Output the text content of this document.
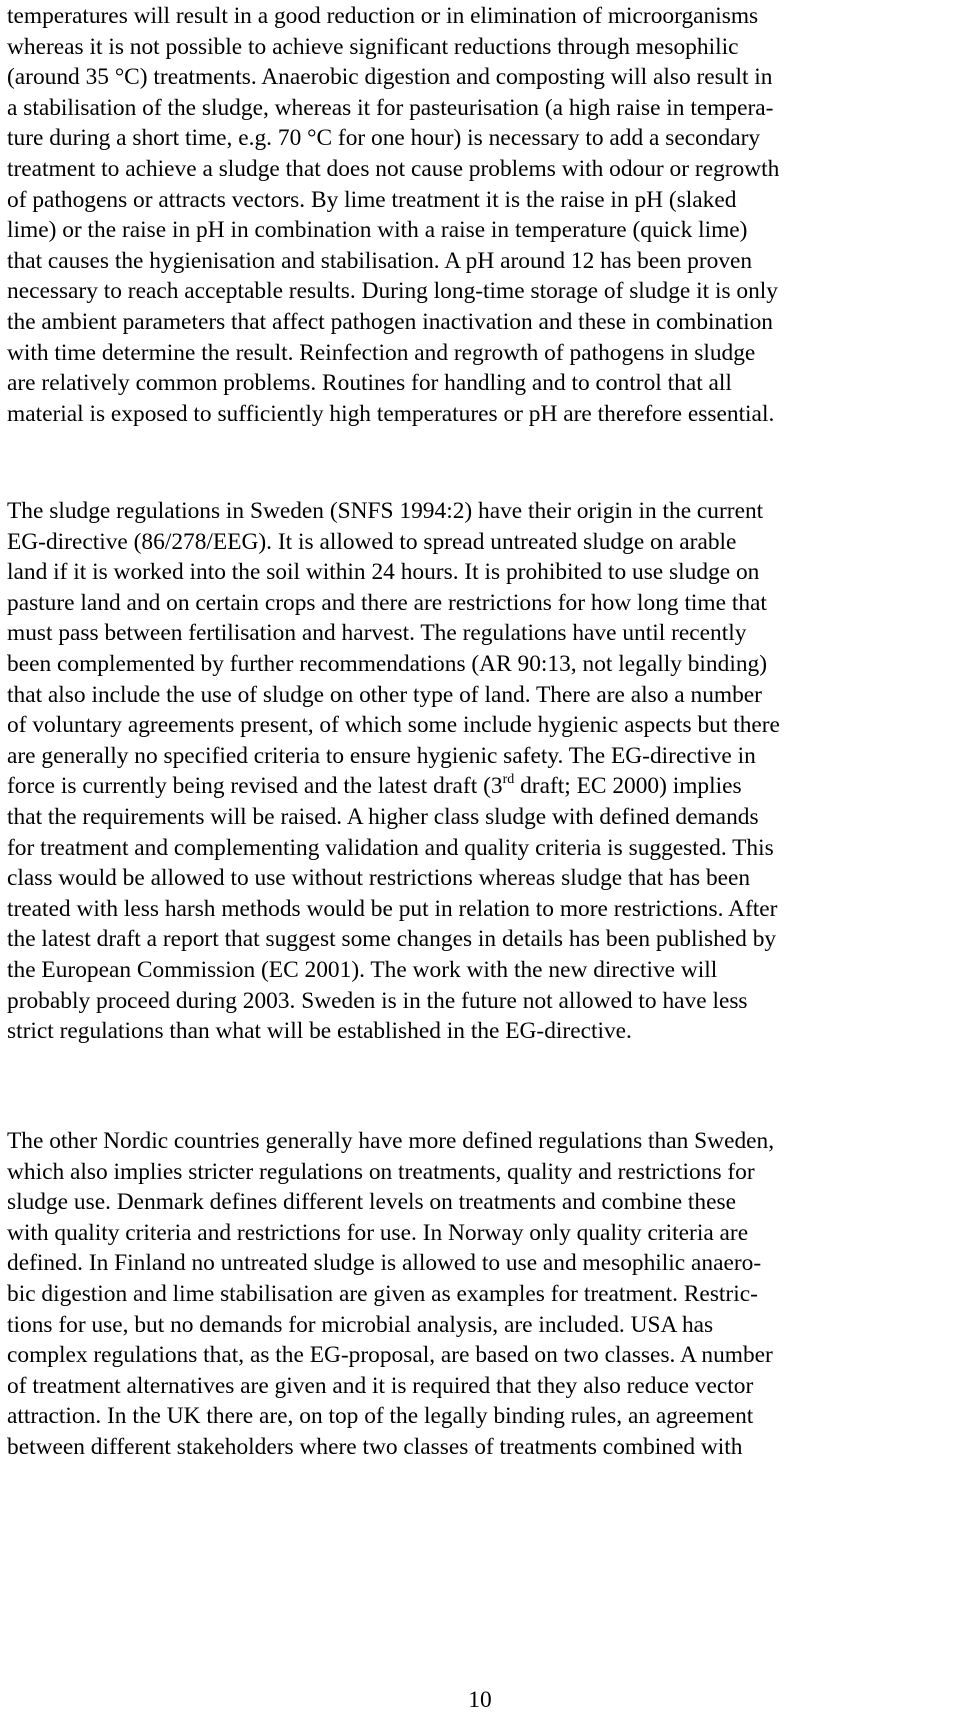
temperatures will result in a good reduction or in elimination of microorganisms
whereas it is not possible to achieve significant reductions through mesophilic
(around 35 °C) treatments. Anaerobic digestion and composting will also result in
a stabilisation of the sludge, whereas it for pasteurisation (a high raise in tempera-
ture during a short time, e.g. 70 °C for one hour) is necessary to add a secondary
treatment to achieve a sludge that does not cause problems with odour or regrowth
of pathogens or attracts vectors. By lime treatment it is the raise in pH (slaked
lime) or the raise in pH in combination with a raise in temperature (quick lime)
that causes the hygienisation and stabilisation. A pH around 12 has been proven
necessary to reach acceptable results. During long-time storage of sludge it is only
the ambient parameters that affect pathogen inactivation and these in combination
with time determine the result. Reinfection and regrowth of pathogens in sludge
are relatively common problems. Routines for handling and to control that all
material is exposed to sufficiently high temperatures or pH are therefore essential.

The sludge regulations in Sweden (SNFS 1994:2) have their origin in the current
EG-directive (86/278/EEG). It is allowed to spread untreated sludge on arable
land if it is worked into the soil within 24 hours. It is prohibited to use sludge on
pasture land and on certain crops and there are restrictions for how long time that
must pass between fertilisation and harvest. The regulations have until recently
been complemented by further recommendations (AR 90:13, not legally binding)
that also include the use of sludge on other type of land. There are also a number
of voluntary agreements present, of which some include hygienic aspects but there
are generally no specified criteria to ensure hygienic safety. The EG-directive in
force is currently being revised and the latest draft (3rd draft; EC 2000) implies
that the requirements will be raised. A higher class sludge with defined demands
for treatment and complementing validation and quality criteria is suggested. This
class would be allowed to use without restrictions whereas sludge that has been
treated with less harsh methods would be put in relation to more restrictions. After
the latest draft a report that suggest some changes in details has been published by
the European Commission (EC 2001). The work with the new directive will
probably proceed during 2003. Sweden is in the future not allowed to have less
strict regulations than what will be established in the EG-directive.

The other Nordic countries generally have more defined regulations than Sweden,
which also implies stricter regulations on treatments, quality and restrictions for
sludge use. Denmark defines different levels on treatments and combine these
with quality criteria and restrictions for use. In Norway only quality criteria are
defined. In Finland no untreated sludge is allowed to use and mesophilic anaero-
bic digestion and lime stabilisation are given as examples for treatment. Restric-
tions for use, but no demands for microbial analysis, are included. USA has
complex regulations that, as the EG-proposal, are based on two classes. A number
of treatment alternatives are given and it is required that they also reduce vector
attraction. In the UK there are, on top of the legally binding rules, an agreement
between different stakeholders where two classes of treatments combined with

10
